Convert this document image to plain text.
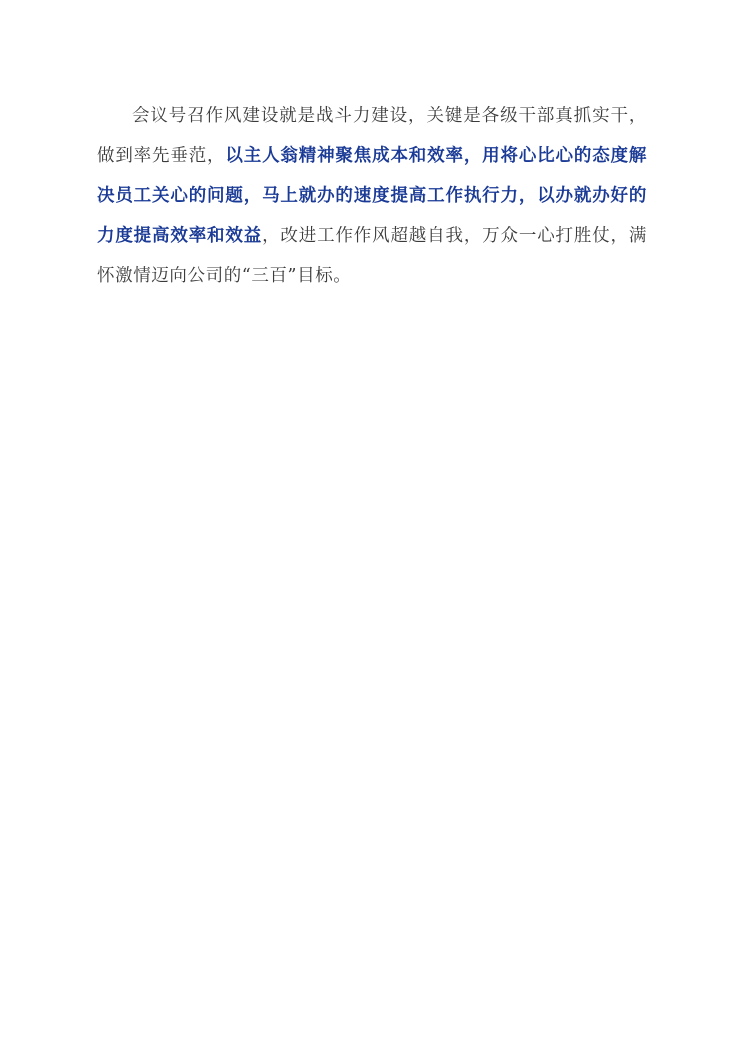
会议号召作风建设就是战斗力建设，关键是各级干部真抓实干，做到率先垂范，以主人翁精神聚焦成本和效率，用将心比心的态度解决员工关心的问题，马上就办的速度提高工作执行力，以办就办好的力度提高效率和效益，改进工作作风超越自我，万众一心打胜仗，满怀激情迈向公司的“三百”目标。
